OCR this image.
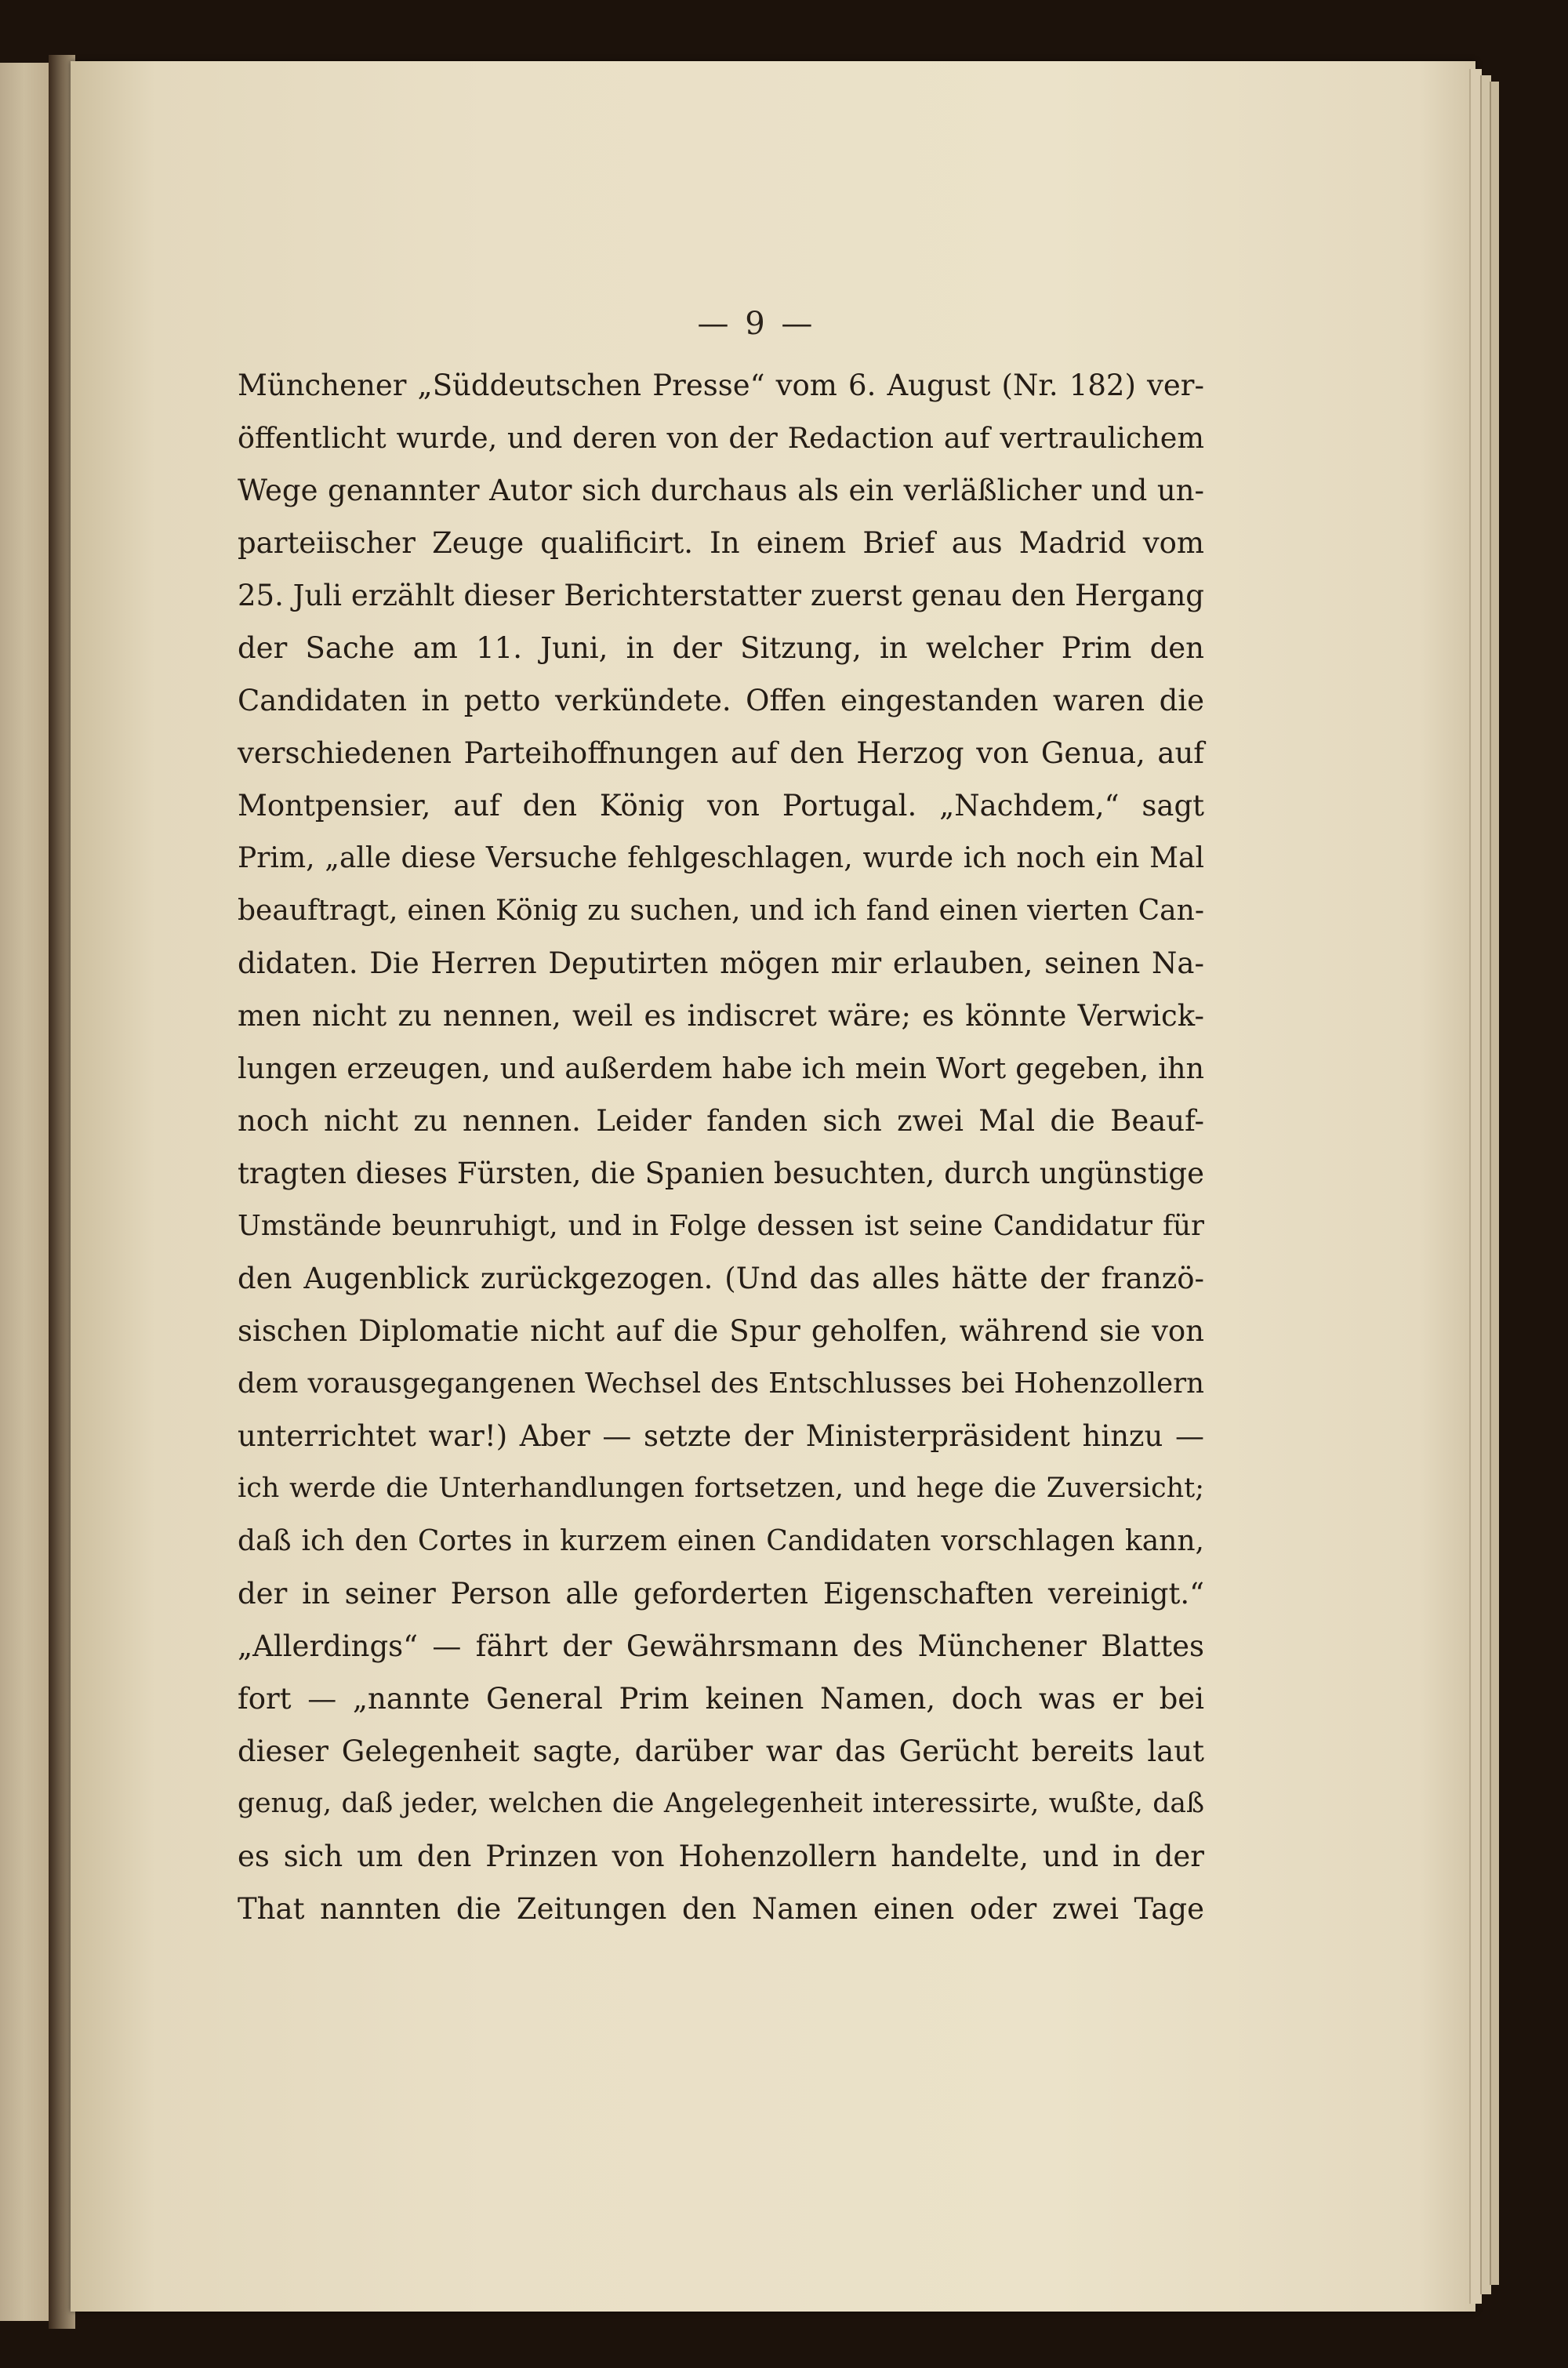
— 9 —
Münchener „Süddeutschen Presse“ vom 6. August (Nr. 182) ver-
öffentlicht wurde, und deren von der Redaction auf vertraulichem
Wege genannter Autor sich durchaus als ein verläßlicher und un-
parteiischer Zeuge qualificirt. In einem Brief aus Madrid vom
25. Juli erzählt dieser Berichterstatter zuerst genau den Hergang
der Sache am 11. Juni, in der Sitzung, in welcher Prim den
Candidaten in petto verkündete. Offen eingestanden waren die
verschiedenen Parteihoffnungen auf den Herzog von Genua, auf
Montpensier, auf den König von Portugal. „Nachdem,“ sagt
Prim, „alle diese Versuche fehlgeschlagen, wurde ich noch ein Mal
beauftragt, einen König zu suchen, und ich fand einen vierten Can-
didaten. Die Herren Deputirten mögen mir erlauben, seinen Na-
men nicht zu nennen, weil es indiscret wäre; es könnte Verwick-
lungen erzeugen, und außerdem habe ich mein Wort gegeben, ihn
noch nicht zu nennen. Leider fanden sich zwei Mal die Beauf-
tragten dieses Fürsten, die Spanien besuchten, durch ungünstige
Umstände beunruhigt, und in Folge dessen ist seine Candidatur für
den Augenblick zurückgezogen. (Und das alles hätte der franzö-
sischen Diplomatie nicht auf die Spur geholfen, während sie von
dem vorausgegangenen Wechsel des Entschlusses bei Hohenzollern
unterrichtet war!) Aber — setzte der Ministerpräsident hinzu —
ich werde die Unterhandlungen fortsetzen, und hege die Zuversicht;
daß ich den Cortes in kurzem einen Candidaten vorschlagen kann,
der in seiner Person alle geforderten Eigenschaften vereinigt.“
„Allerdings“ — fährt der Gewährsmann des Münchener Blattes
fort — „nannte General Prim keinen Namen, doch was er bei
dieser Gelegenheit sagte, darüber war das Gerücht bereits laut
genug, daß jeder, welchen die Angelegenheit interessirte, wußte, daß
es sich um den Prinzen von Hohenzollern handelte, und in der
That nannten die Zeitungen den Namen einen oder zwei Tage
